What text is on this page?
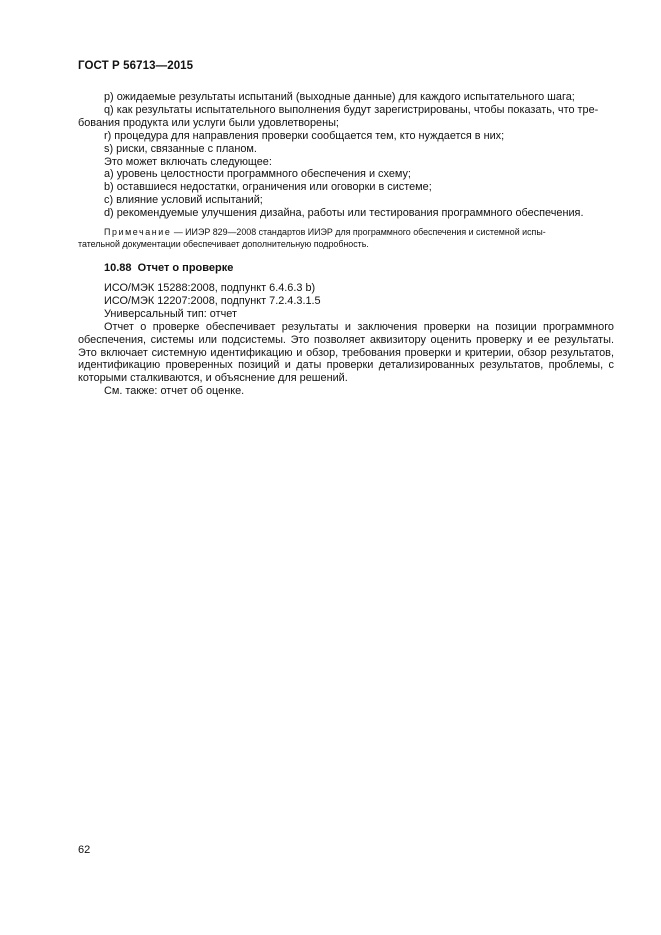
ГОСТ Р 56713—2015

p) ожидаемые результаты испытаний (выходные данные) для каждого испытательного шага;

q) как результаты испытательного выполнения будут зарегистрированы, чтобы показать, что тре-

бования продукта или услуги были удовлетворены;

r) процедура для направления проверки сообщается тем, кто нуждается в них;

s) риски, связанные с планом.

Это может включать следующее:

a) уровень целостности программного обеспечения и схему;

b) оставшиеся недостатки, ограничения или оговорки в системе;

c) влияние условий испытаний;

d) рекомендуемые улучшения дизайна, работы или тестирования программного обеспечения.

Примечание — ИИЭР 829—2008 стандартов ИИЭР для программного обеспечения и системной испы-

тательной документации обеспечивает дополнительную подробность.

10.88 Отчет о проверке

ИСО/МЭК 15288:2008, подпункт 6.4.6.3 b)

ИСО/МЭК 12207:2008, подпункт 7.2.4.3.1.5

Универсальный тип: отчет

Отчет о проверке обеспечивает результаты и заключения проверки на позиции программного обеспечения, системы или подсистемы. Это позволяет аквизитору оценить проверку и ее результаты. Это включает системную идентификацию и обзор, требования проверки и критерии, обзор результатов, идентификацию проверенных позиций и даты проверки детализированных результатов, проблемы, с которыми сталкиваются, и объяснение для решений.

См. также: отчет об оценке.

62
